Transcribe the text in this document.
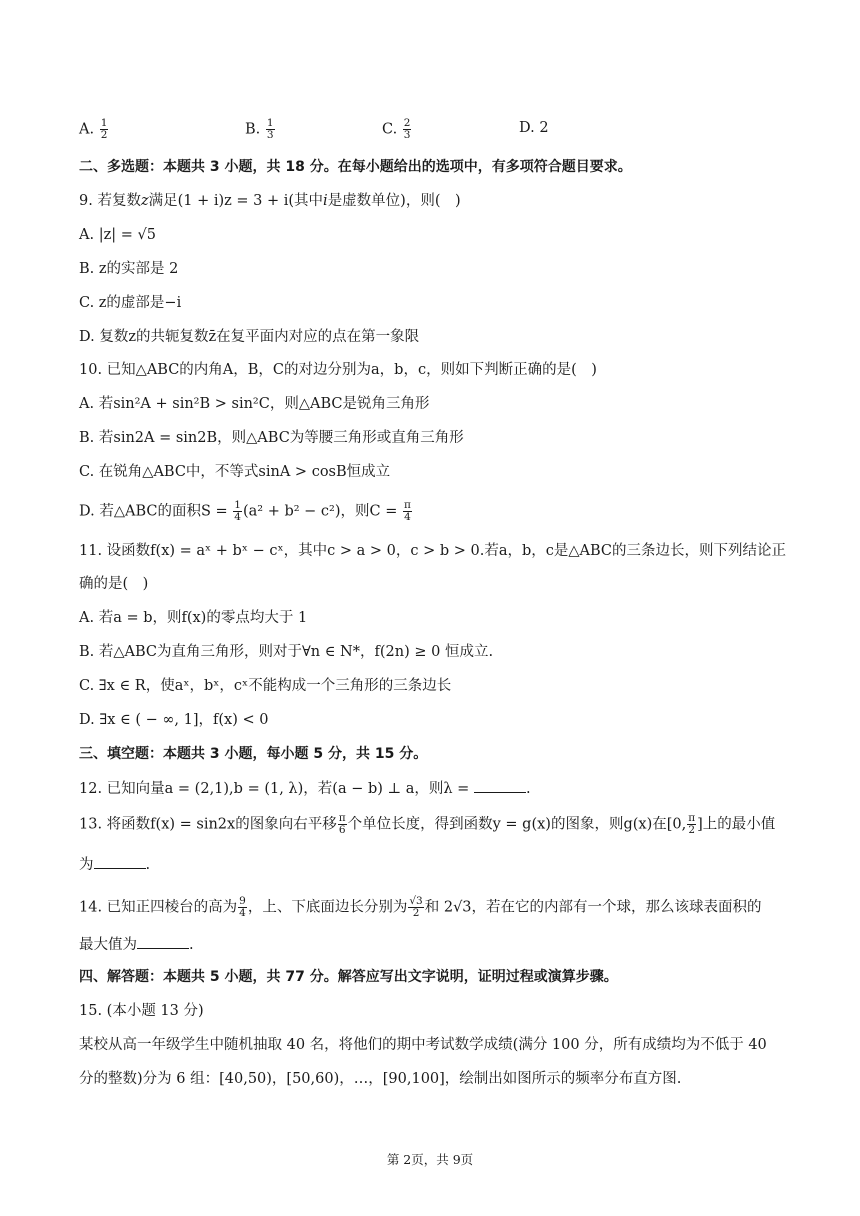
A. $\frac{1}{2}$	B. $\frac{1}{3}$	C. $\frac{2}{3}$	D. 2
二、多选题：本题共 3 小题，共 18 分。在每小题给出的选项中，有多项符合题目要求。
9. 若复数z满足(1 + i)z = 3 + i(其中i是虚数单位)，则(　)
A. |z| = √5
B. z的实部是 2
C. z的虚部是−i
D. 复数z的共轭复数z̄在复平面内对应的点在第一象限
10. 已知△ABC的内角A，B，C的对边分别为a，b，c，则如下判断正确的是(　)
A. 若sin²A + sin²B > sin²C，则△ABC是锐角三角形
B. 若sin2A = sin2B，则△ABC为等腰三角形或直角三角形
C. 在锐角△ABC中，不等式sinA > cosB恒成立
D. 若△ABC的面积$S = \frac{1}{4} (a^2 + b^2 - c^2)$，则$C = \frac{\pi}{4}$
11. 设函数f(x) = aˣ + bˣ − cˣ，其中c > a > 0，c > b > 0.若a，b，c是△ABC的三条边长，则下列结论正
确的是(　)
A. 若a = b，则f(x)的零点均大于 1
B. 若△ABC为直角三角形，则对于∀n ∈ N*，f(2n) ≥ 0 恒成立.
C. ∃x ∈ R，使aˣ，bˣ，cˣ不能构成一个三角形的三条边长
D. ∃x ∈ ( − ∞, 1]，f(x) < 0
三、填空题：本题共 3 小题，每小题 5 分，共 15 分。
12. 已知向量a = (2,1),b = (1, λ)，若(a − b) ⊥ a，则λ =	.
13. 将函数f(x) = sin2x的图象向右平移 $\frac{\pi}{6}$ 个单位长度，得到函数y = g(x)的图象，则g(x)在[0, $\frac{\pi}{2}$ ]上的最小值
为	.
14. 已知正四棱台的高为 $\frac{9}{4}$ ，上、下底面边长分别为 $\frac{√3}{2}$ 和 2√3，若在它的内部有一个球，那么该球表面积的
最大值为	.
四、解答题：本题共 5 小题，共 77 分。解答应写出文字说明，证明过程或演算步骤。
15. (本小题 13 分)
某校从高一年级学生中随机抽取 40 名，将他们的期中考试数学成绩(满分 100 分，所有成绩均为不低于 40
分的整数)分为 6 组：[40,50)，[50,60)，…，[90,100]，绘制出如图所示的频率分布直方图.
第 2页，共 9页
